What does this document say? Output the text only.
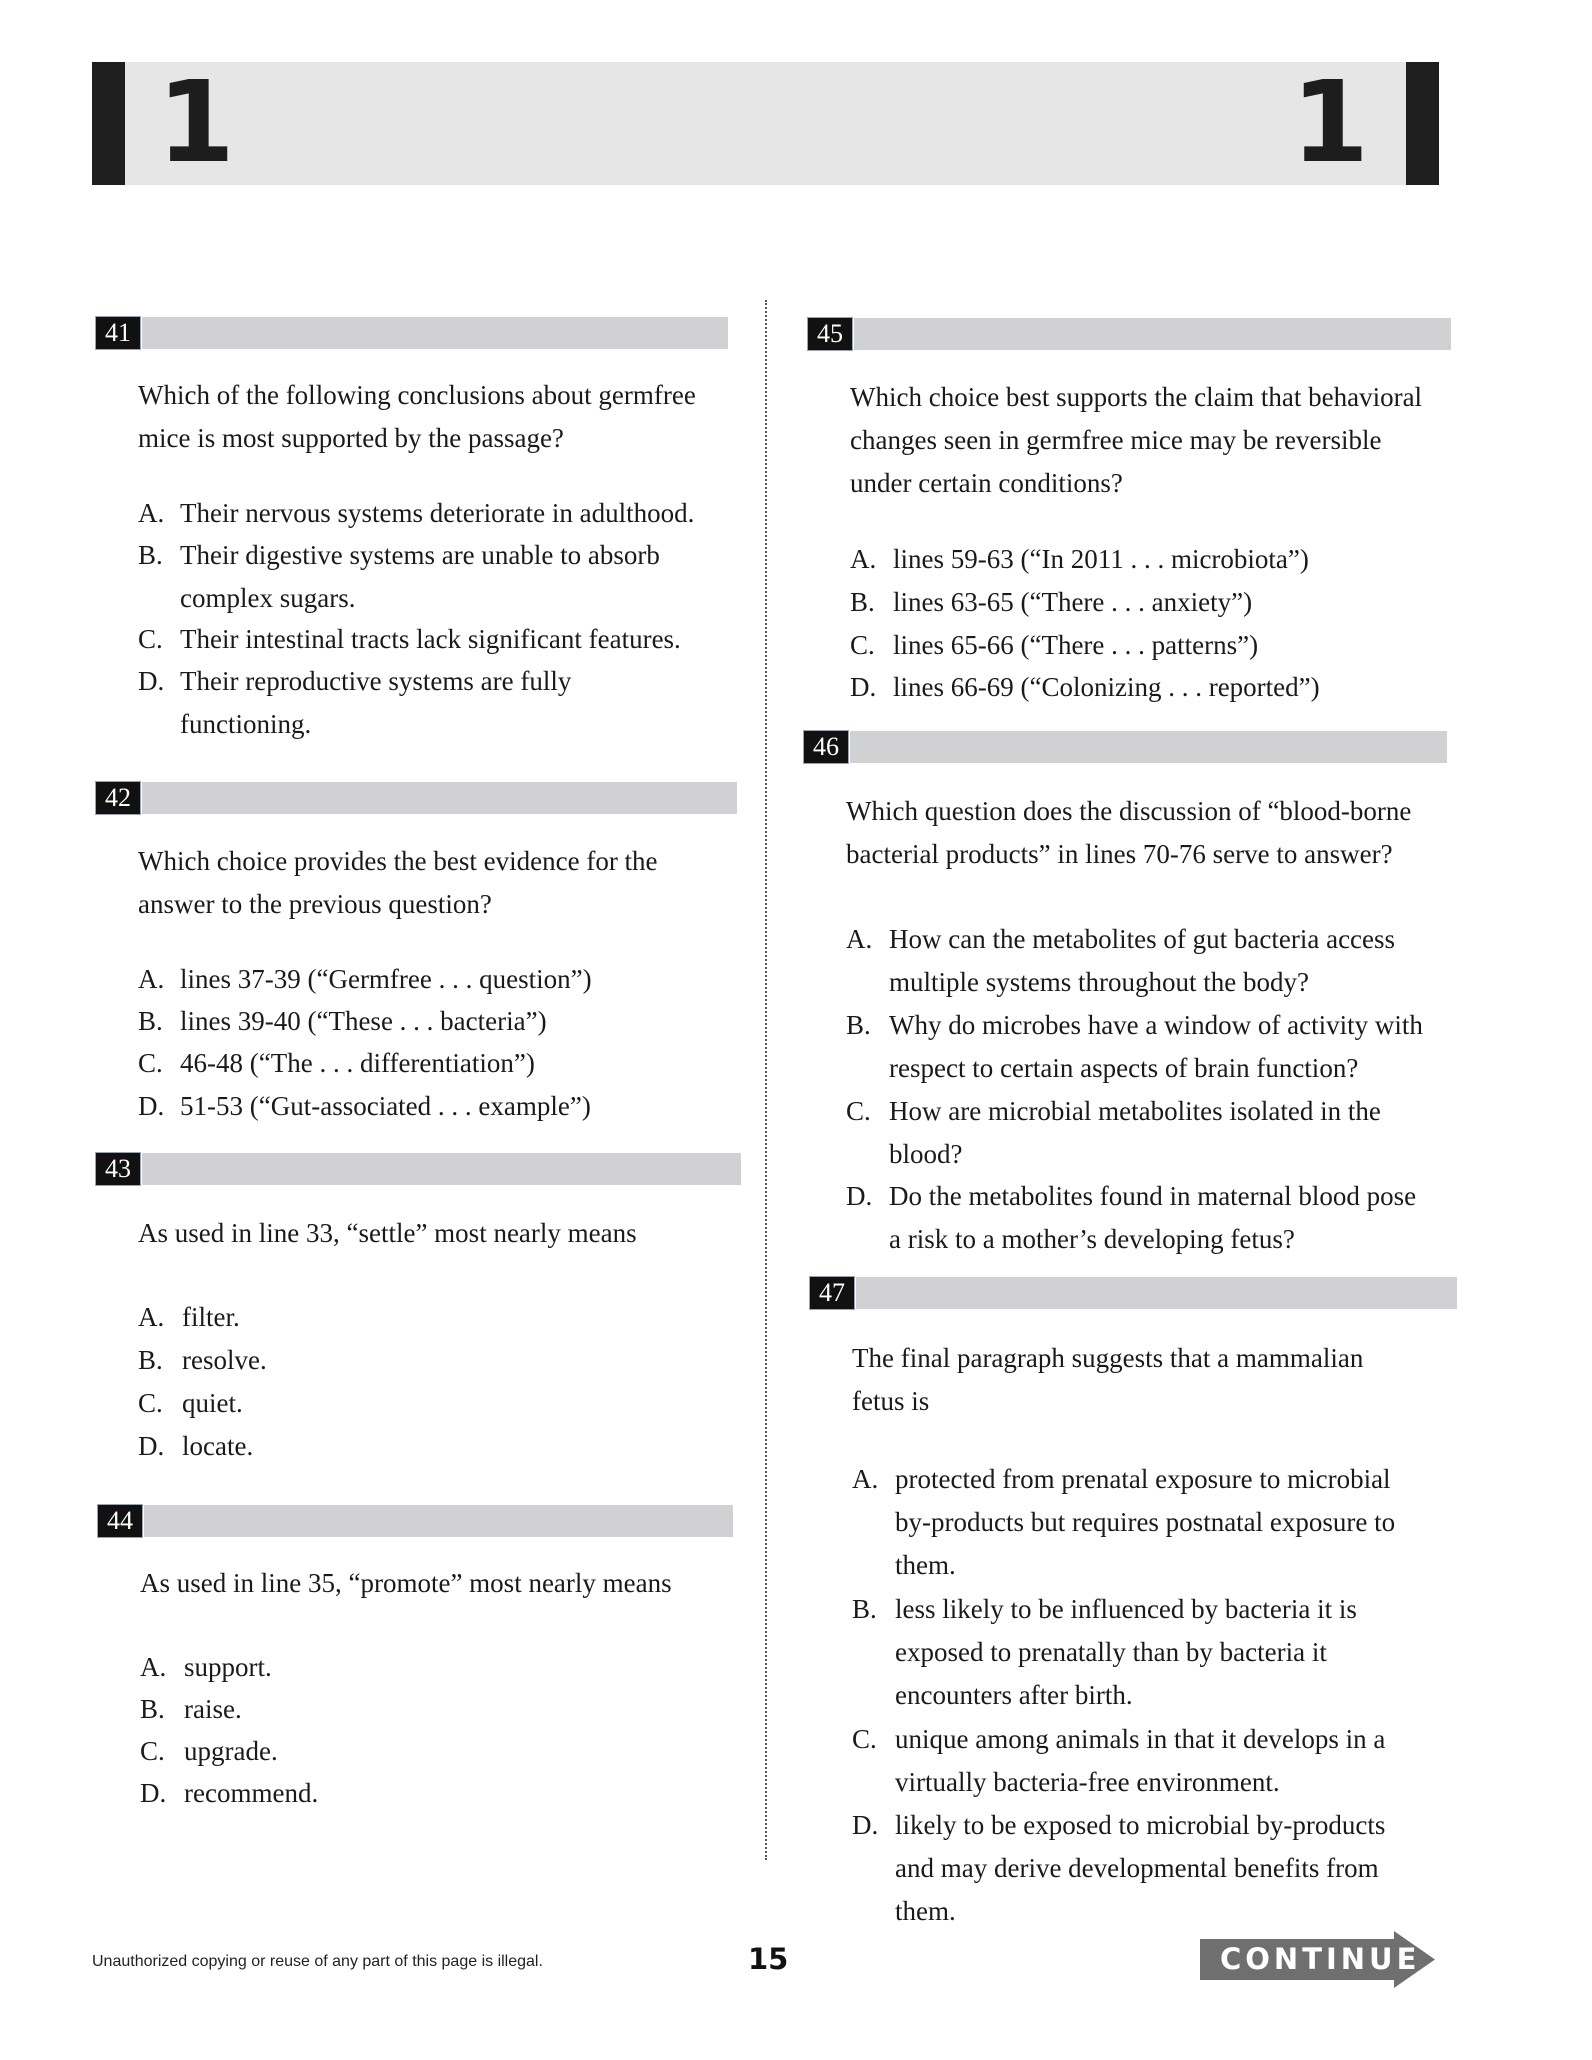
1	1
41
Which of the following conclusions about germfree
mice is most supported by the passage?
A. Their nervous systems deteriorate in adulthood.
B. Their digestive systems are unable to absorb
complex sugars.
C. Their intestinal tracts lack significant features.
D. Their reproductive systems are fully
functioning.
42
Which choice provides the best evidence for the
answer to the previous question?
A. lines 37-39 (“Germfree . . . question”)
B. lines 39-40 (“These . . . bacteria”)
C. 46-48 (“The . . . differentiation”)
D. 51-53 (“Gut-associated . . . example”)
43
As used in line 33, “settle” most nearly means
A. filter.
B. resolve.
C. quiet.
D. locate.
44
As used in line 35, “promote” most nearly means
A. support.
B. raise.
C. upgrade.
D. recommend.
45
Which choice best supports the claim that behavioral
changes seen in germfree mice may be reversible
under certain conditions?
A. lines 59-63 (“In 2011 . . . microbiota”)
B. lines 63-65 (“There . . . anxiety”)
C. lines 65-66 (“There . . . patterns”)
D. lines 66-69 (“Colonizing . . . reported”)
46
Which question does the discussion of “blood-borne
bacterial products” in lines 70-76 serve to answer?
A. How can the metabolites of gut bacteria access
multiple systems throughout the body?
B. Why do microbes have a window of activity with
respect to certain aspects of brain function?
C. How are microbial metabolites isolated in the
blood?
D. Do the metabolites found in maternal blood pose
a risk to a mother’s developing fetus?
47
The final paragraph suggests that a mammalian
fetus is
A. protected from prenatal exposure to microbial
by-products but requires postnatal exposure to
them.
B. less likely to be influenced by bacteria it is
exposed to prenatally than by bacteria it
encounters after birth.
C. unique among animals in that it develops in a
virtually bacteria-free environment.
D. likely to be exposed to microbial by-products
and may derive developmental benefits from
them.
Unauthorized copying or reuse of any part of this page is illegal.	15	CONTINUE
